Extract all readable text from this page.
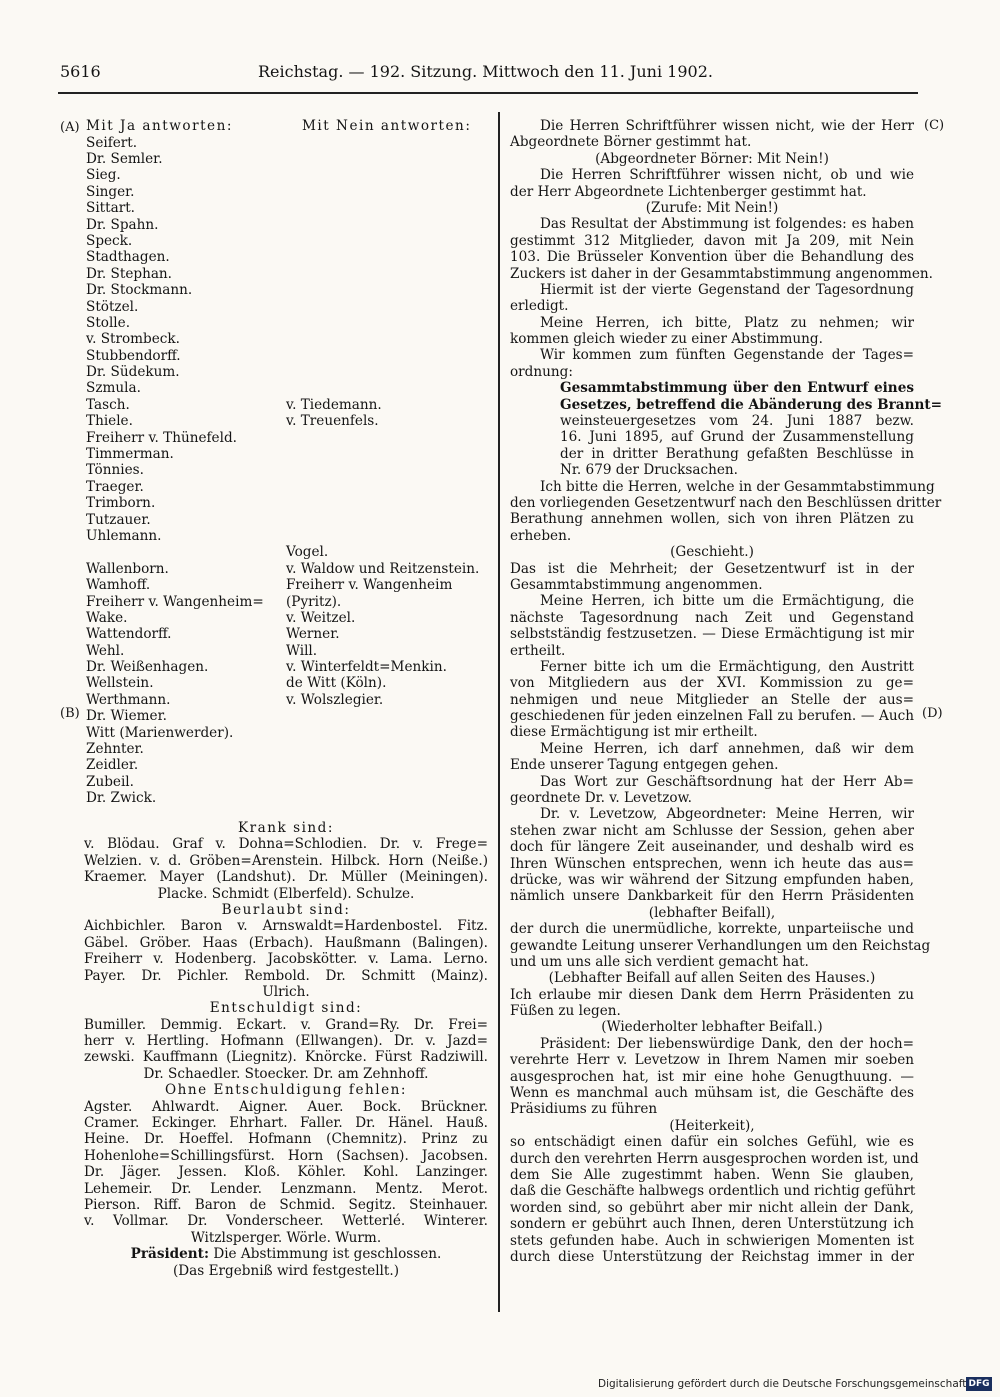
5616	Reichstag. — 192. Sitzung. Mittwoch den 11. Juni 1902.
(A)
(B)
(C)
(D)
Mit Ja antworten:	Mit Nein antworten:
Seifert.
Dr. Semler.
Sieg.
Singer.
Sittart.
Dr. Spahn.
Speck.
Stadthagen.
Dr. Stephan.
Dr. Stockmann.
Stötzel.
Stolle.
v. Strombeck.
Stubbendorff.
Dr. Südekum.
Szmula.
Tasch.
Thiele.
Freiherr v. Thünefeld.
Timmerman.
Tönnies.
Traeger.
Trimborn.
Tutzauer.
Uhlemann.
Wallenborn.
Wamhoff.
Freiherr v. Wangenheim=
Wake.
Wattendorff.
Wehl.
Dr. Weißenhagen.
Wellstein.
Werthmann.
Dr. Wiemer.
Witt (Marienwerder).
Zehnter.
Zeidler.
Zubeil.
Dr. Zwick.
v. Tiedemann.
v. Treuenfels.
Vogel.
v. Waldow und Reitzenstein.
Freiherr v. Wangenheim
(Pyritz).
v. Weitzel.
Werner.
Will.
v. Winterfeldt=Menkin.
de Witt (Köln).
v. Wolszlegier.
Krank sind:
v. Blödau. Graf v. Dohna=Schlodien. Dr. v. Frege=
Welzien. v. d. Gröben=Arenstein. Hilbck. Horn (Neiße.)
Kraemer. Mayer (Landshut). Dr. Müller (Meiningen).
Placke. Schmidt (Elberfeld). Schulze.
Beurlaubt sind:
Aichbichler. Baron v. Arnswaldt=Hardenbostel. Fitz.
Gäbel. Gröber. Haas (Erbach). Haußmann (Balingen).
Freiherr v. Hodenberg. Jacobskötter. v. Lama. Lerno.
Payer. Dr. Pichler. Rembold. Dr. Schmitt (Mainz).
Ulrich.
Entschuldigt sind:
Bumiller. Demmig. Eckart. v. Grand=Ry. Dr. Frei=
herr v. Hertling. Hofmann (Ellwangen). Dr. v. Jazd=
zewski. Kauffmann (Liegnitz). Knörcke. Fürst Radziwill.
Dr. Schaedler. Stoecker. Dr. am Zehnhoff.
Ohne Entschuldigung fehlen:
Agster. Ahlwardt. Aigner. Auer. Bock. Brückner.
Cramer. Eckinger. Ehrhart. Faller. Dr. Hänel. Hauß.
Heine. Dr. Hoeffel. Hofmann (Chemnitz). Prinz zu
Hohenlohe=Schillingsfürst. Horn (Sachsen). Jacobsen.
Dr. Jäger. Jessen. Kloß. Köhler. Kohl. Lanzinger.
Lehemeir. Dr. Lender. Lenzmann. Mentz. Merot.
Pierson. Riff. Baron de Schmid. Segitz. Steinhauer.
v. Vollmar. Dr. Vonderscheer. Wetterlé. Winterer.
Witzlsperger. Wörle. Wurm.
Präsident: Die Abstimmung ist geschlossen.
(Das Ergebniß wird festgestellt.)
Die Herren Schriftführer wissen nicht, wie der Herr
Abgeordnete Börner gestimmt hat.
(Abgeordneter Börner: Mit Nein!)
Die Herren Schriftführer wissen nicht, ob und wie
der Herr Abgeordnete Lichtenberger gestimmt hat.
(Zurufe: Mit Nein!)
Das Resultat der Abstimmung ist folgendes: es haben
gestimmt 312 Mitglieder, davon mit Ja 209, mit Nein
103. Die Brüsseler Konvention über die Behandlung des
Zuckers ist daher in der Gesammtabstimmung angenommen.
Hiermit ist der vierte Gegenstand der Tagesordnung
erledigt.
Meine Herren, ich bitte, Platz zu nehmen; wir
kommen gleich wieder zu einer Abstimmung.
Wir kommen zum fünften Gegenstande der Tages=
ordnung:
Gesammtabstimmung über den Entwurf eines
Gesetzes, betreffend die Abänderung des Brannt=
weinsteuergesetzes vom 24. Juni 1887 bezw.
16. Juni 1895, auf Grund der Zusammenstellung
der in dritter Berathung gefaßten Beschlüsse in
Nr. 679 der Drucksachen.
Ich bitte die Herren, welche in der Gesammtabstimmung
den vorliegenden Gesetzentwurf nach den Beschlüssen dritter
Berathung annehmen wollen, sich von ihren Plätzen zu
erheben.
(Geschieht.)
Das ist die Mehrheit; der Gesetzentwurf ist in der
Gesammtabstimmung angenommen.
Meine Herren, ich bitte um die Ermächtigung, die
nächste Tagesordnung nach Zeit und Gegenstand
selbstständig festzusetzen. — Diese Ermächtigung ist mir
ertheilt.
Ferner bitte ich um die Ermächtigung, den Austritt
von Mitgliedern aus der XVI. Kommission zu ge=
nehmigen und neue Mitglieder an Stelle der aus=
geschiedenen für jeden einzelnen Fall zu berufen. — Auch
diese Ermächtigung ist mir ertheilt.
Meine Herren, ich darf annehmen, daß wir dem
Ende unserer Tagung entgegen gehen.
Das Wort zur Geschäftsordnung hat der Herr Ab=
geordnete Dr. v. Levetzow.
Dr. v. Levetzow, Abgeordneter: Meine Herren, wir
stehen zwar nicht am Schlusse der Session, gehen aber
doch für längere Zeit auseinander, und deshalb wird es
Ihren Wünschen entsprechen, wenn ich heute das aus=
drücke, was wir während der Sitzung empfunden haben,
nämlich unsere Dankbarkeit für den Herrn Präsidenten
(lebhafter Beifall),
der durch die unermüdliche, korrekte, unparteiische und
gewandte Leitung unserer Verhandlungen um den Reichstag
und um uns alle sich verdient gemacht hat.
(Lebhafter Beifall auf allen Seiten des Hauses.)
Ich erlaube mir diesen Dank dem Herrn Präsidenten zu
Füßen zu legen.
(Wiederholter lebhafter Beifall.)
Präsident: Der liebenswürdige Dank, den der hoch=
verehrte Herr v. Levetzow in Ihrem Namen mir soeben
ausgesprochen hat, ist mir eine hohe Genugthuung. —
Wenn es manchmal auch mühsam ist, die Geschäfte des
Präsidiums zu führen
(Heiterkeit),
so entschädigt einen dafür ein solches Gefühl, wie es
durch den verehrten Herrn ausgesprochen worden ist, und
dem Sie Alle zugestimmt haben. Wenn Sie glauben,
daß die Geschäfte halbwegs ordentlich und richtig geführt
worden sind, so gebührt aber mir nicht allein der Dank,
sondern er gebührt auch Ihnen, deren Unterstützung ich
stets gefunden habe. Auch in schwierigen Momenten ist
durch diese Unterstützung der Reichstag immer in der
Digitalisierung gefördert durch die Deutsche Forschungsgemeinschaft DFG
